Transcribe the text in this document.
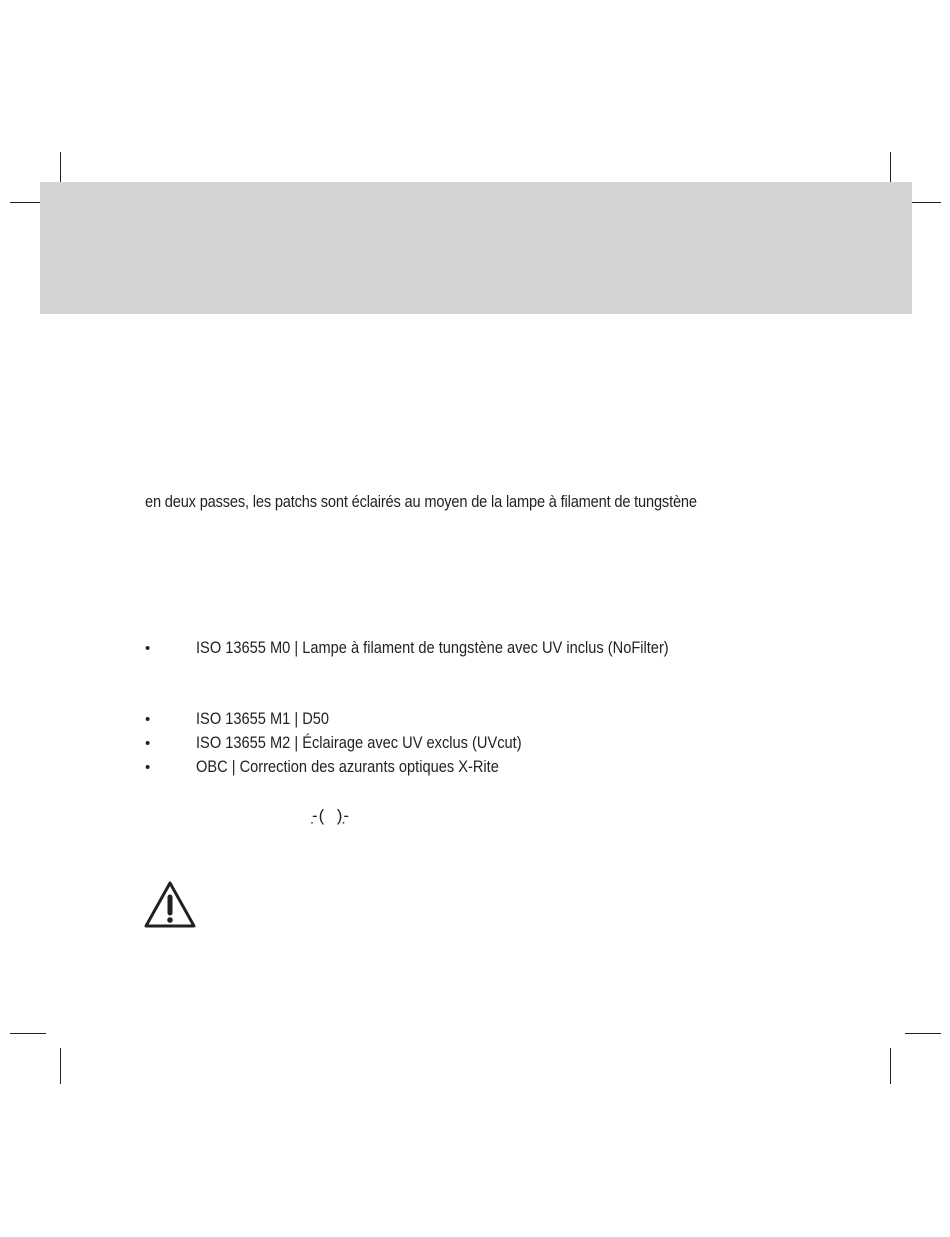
en deux passes, les patchs sont éclairés au moyen de la lampe à filament de tungstène
•	ISO 13655 M0 | Lampe à filament de tungstène avec UV inclus (NoFilter)
•	ISO 13655 M1 | D50
•	ISO 13655 M2 | Éclairage avec UV exclus (UVcut)
•	OBC | Correction des azurants optiques X-Rite
-̣(  )-̣
